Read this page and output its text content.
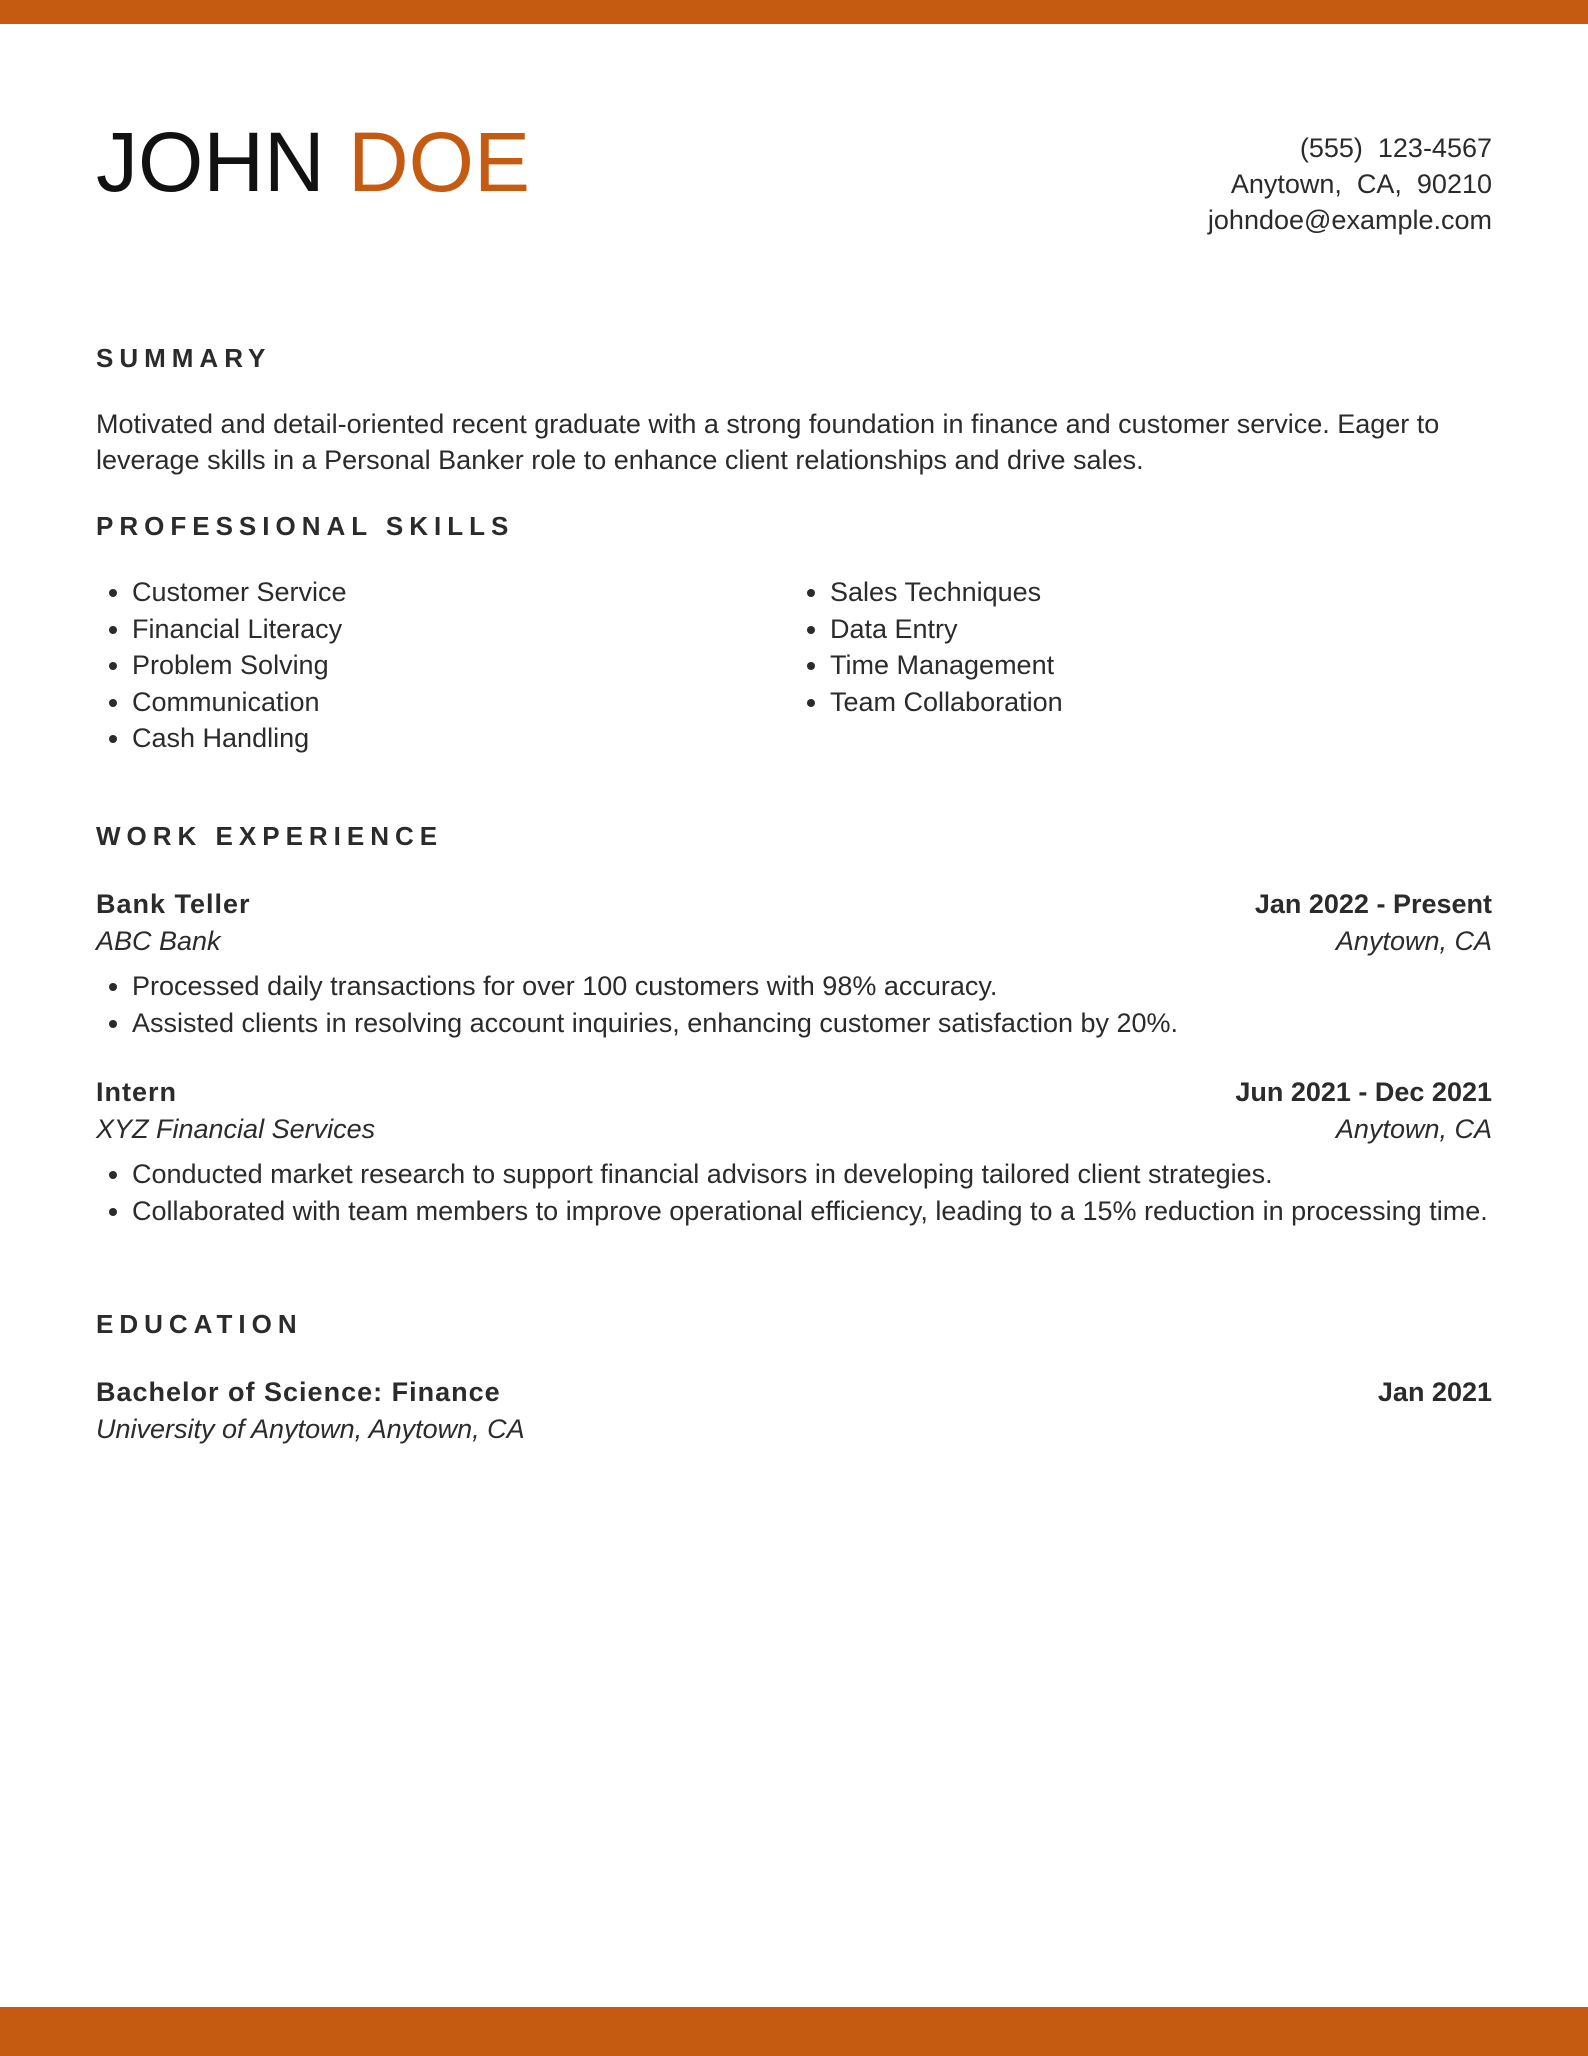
JOHN DOE	(555)  123-4567
Anytown,  CA,  90210
johndoe@example.com
SUMMARY

Motivated and detail-oriented recent graduate with a strong foundation in finance and customer service. Eager to leverage skills in a Personal Banker role to enhance client relationships and drive sales.

PROFESSIONAL SKILLS
• Customer Service
• Financial Literacy
• Problem Solving
• Communication
• Cash Handling
• Sales Techniques
• Data Entry
• Time Management
• Team Collaboration
WORK EXPERIENCE
Bank Teller	Jan 2022 - Present
ABC Bank	Anytown, CA
• Processed daily transactions for over 100 customers with 98% accuracy.
• Assisted clients in resolving account inquiries, enhancing customer satisfaction by 20%.
Intern	Jun 2021 - Dec 2021
XYZ Financial Services	Anytown, CA
• Conducted market research to support financial advisors in developing tailored client strategies.
• Collaborated with team members to improve operational efficiency, leading to a 15% reduction in processing time.
EDUCATION
Bachelor of Science: Finance	Jan 2021
University of Anytown, Anytown, CA
